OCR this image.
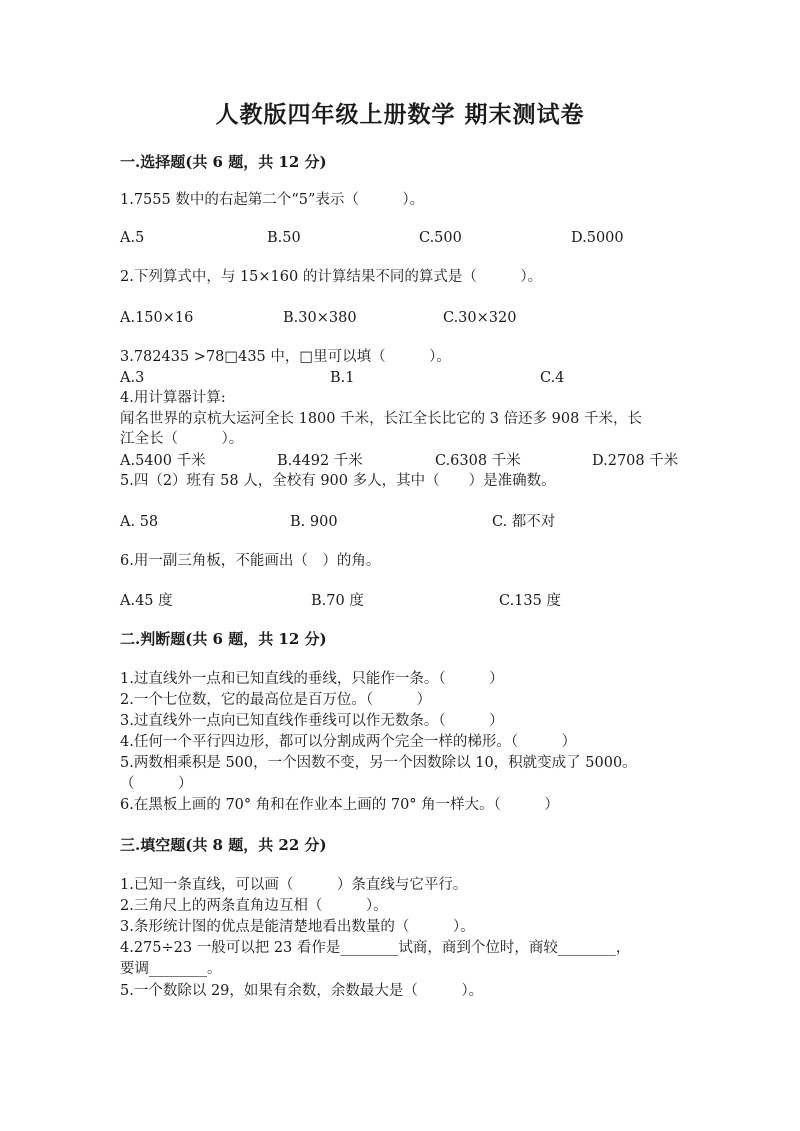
人教版四年级上册数学 期末测试卷
一.选择题(共 6 题，共 12 分)
1.7555 数中的右起第二个“5”表示（　　　）。
A.5	B.50	C.500	D.5000
2.下列算式中，与 15×160 的计算结果不同的算式是（　　　）。
A.150×16	B.30×380	C.30×320
3.782435 >78□435 中，□里可以填（　　　）。
A.3	B.1	C.4
4.用计算器计算:
闻名世界的京杭大运河全长 1800 千米，长江全长比它的 3 倍还多 908 千米，长
江全长（　　　）。
A.5400 千米	B.4492 千米	C.6308 千米	D.2708 千米
5.四（2）班有 58 人，全校有 900 多人，其中（　　）是准确数。
A. 58	B. 900	C. 都不对
6.用一副三角板，不能画出（　）的角。
A.45 度	B.70 度	C.135 度
二.判断题(共 6 题，共 12 分)
1.过直线外一点和已知直线的垂线，只能作一条。（　　　）
2.一个七位数，它的最高位是百万位。（　　　）
3.过直线外一点向已知直线作垂线可以作无数条。（　　　）
4.任何一个平行四边形，都可以分割成两个完全一样的梯形。（　　　）
5.两数相乘积是 500，一个因数不变，另一个因数除以 10，积就变成了 5000。
（　　　）
6.在黑板上画的 70° 角和在作业本上画的 70° 角一样大。（　　　）
三.填空题(共 8 题，共 22 分)
1.已知一条直线，可以画（　　　）条直线与它平行。
2.三角尺上的两条直角边互相（　　　）。
3.条形统计图的优点是能清楚地看出数量的（　　　）。
4.275÷23 一般可以把 23 看作是________试商，商到个位时，商较________，
要调________。
5.一个数除以 29，如果有余数，余数最大是（　　　）。
